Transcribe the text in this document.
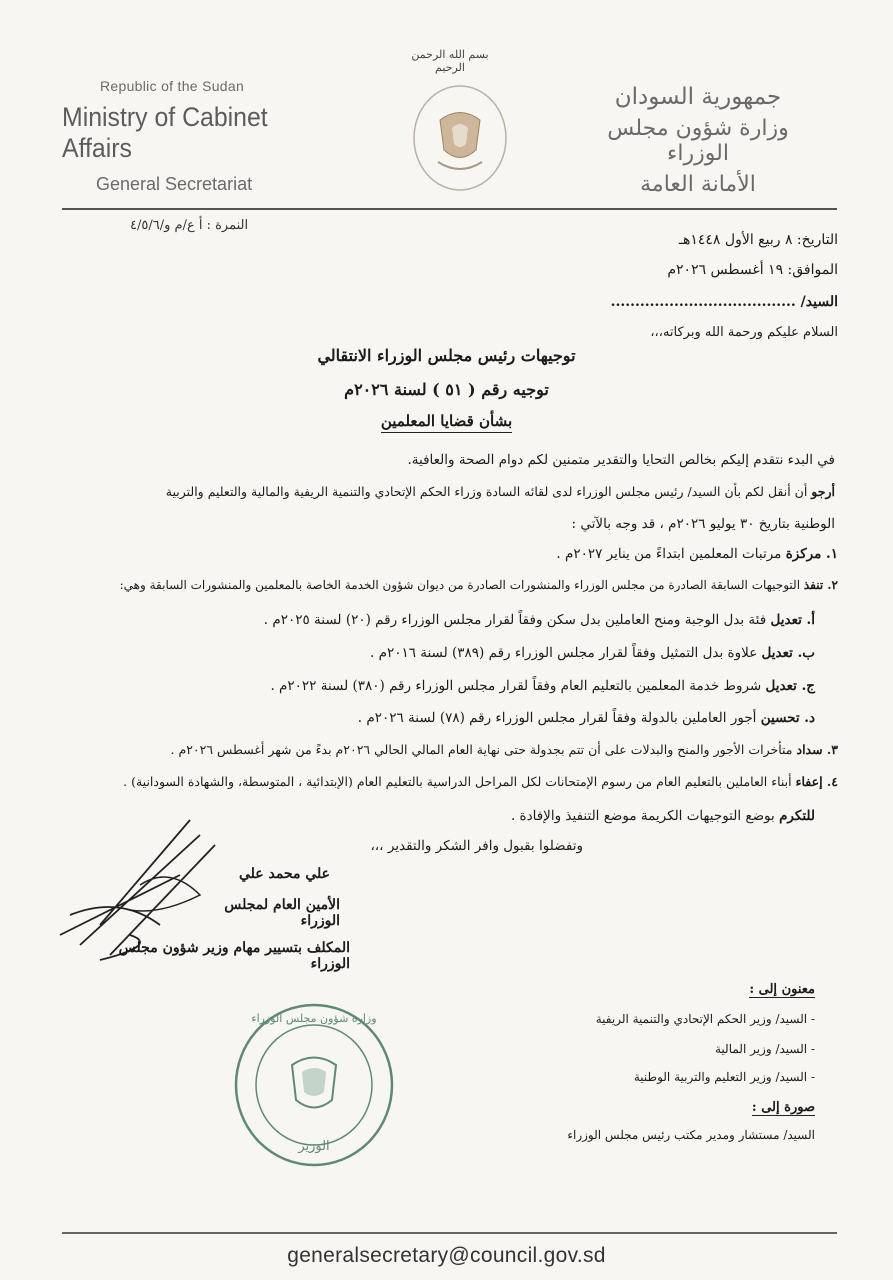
Republic of the Sudan
Ministry of Cabinet Affairs
General Secretariat
بسم الله الرحمن الرحيم
جمهورية السودان
وزارة شؤون مجلس الوزراء
الأمانة العامة
النمرة : أ ع/م و/٤/٥/٦
التاريخ: ٨ ربيع الأول ١٤٤٨هـ
الموافق: ١٩ أغسطس ٢٠٢٦م
السيد/ ......................................
السلام عليكم ورحمة الله وبركاته،،،
توجيهات رئيس مجلس الوزراء الانتقالي
توجيه رقم ( ٥١ ) لسنة ٢٠٢٦م
بشأن قضايا المعلمين
في البدء نتقدم إليكم بخالص التحايا والتقدير متمنين لكم دوام الصحة والعافية.
أرجو أن أنقل لكم بأن السيد/ رئيس مجلس الوزراء لدى لقائه السادة وزراء الحكم الإتحادي والتنمية الريفية والمالية والتعليم والتربية
الوطنية بتاريخ ٣٠ يوليو ٢٠٢٦م ، قد وجه بالآتي :
١. مركزة مرتبات المعلمين ابتداءً من يناير ٢٠٢٧م .
٢. تنفذ التوجيهات السابقة الصادرة من مجلس الوزراء والمنشورات الصادرة من ديوان شؤون الخدمة الخاصة بالمعلمين والمنشورات السابقة وهي:
أ. تعديل فئة بدل الوجبة ومنح العاملين بدل سكن وفقاً لقرار مجلس الوزراء رقم (٢٠) لسنة ٢٠٢٥م .
ب. تعديل علاوة بدل التمثيل وفقاً لقرار مجلس الوزراء رقم (٣٨٩) لسنة ٢٠١٦م .
ج. تعديل شروط خدمة المعلمين بالتعليم العام وفقاً لقرار مجلس الوزراء رقم (٣٨٠) لسنة ٢٠٢٢م .
د. تحسين أجور العاملين بالدولة وفقاً لقرار مجلس الوزراء رقم (٧٨) لسنة ٢٠٢٦م .
٣. سداد متأخرات الأجور والمنح والبدلات على أن تتم بجدولة حتى نهاية العام المالي الحالي ٢٠٢٦م بدءً من شهر أغسطس ٢٠٢٦م .
٤. إعفاء أبناء العاملين بالتعليم العام من رسوم الإمتحانات لكل المراحل الدراسية بالتعليم العام (الإبتدائية ، المتوسطة، والشهادة السودانية) .
للتكرم بوضع التوجيهات الكريمة موضع التنفيذ والإفادة .
وتفضلوا بقبول وافر الشكر والتقدير ،،،
علي محمد علي
الأمين العام لمجلس الوزراء
المكلف بتسيير مهام وزير شؤون مجلس الوزراء
وزارة شؤون مجلس الوزراء
الوزير
معنون إلى :
- السيد/ وزير الحكم الإتحادي والتنمية الريفية
- السيد/ وزير المالية
- السيد/ وزير التعليم والتربية الوطنية
صورة إلى :
السيد/ مستشار ومدير مكتب رئيس مجلس الوزراء
generalsecretary@council.gov.sd
